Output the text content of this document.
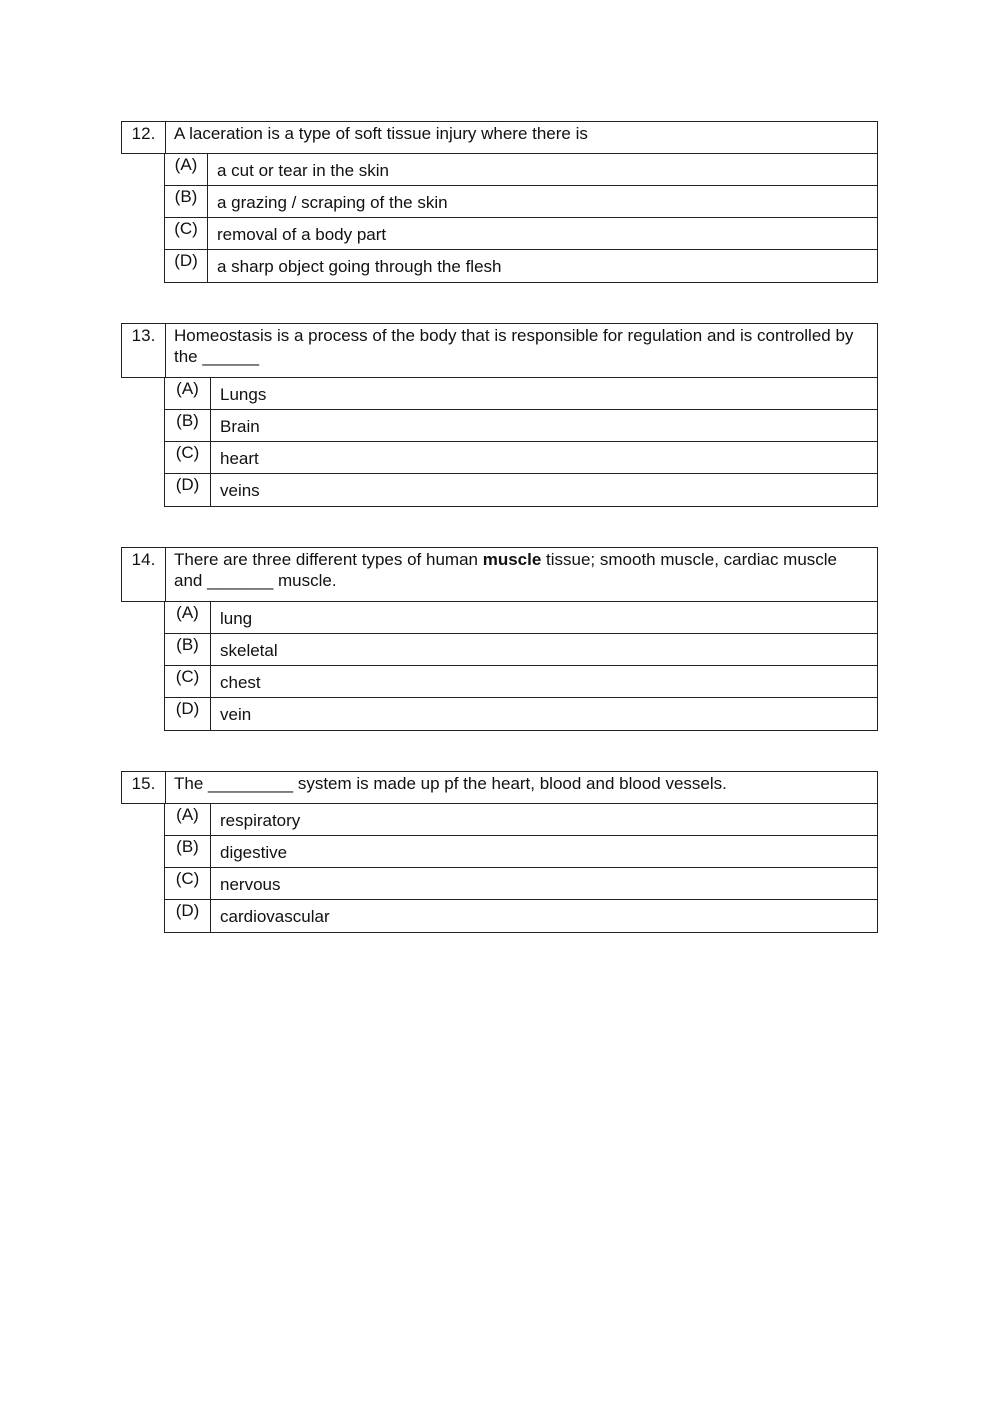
12.	A laceration is a type of soft tissue injury where there is
(A)	a cut or tear in the skin
(B)	a grazing / scraping of the skin
(C)	removal of a body part
(D)	a sharp object going through the flesh
13.	Homeostasis is a process of the body that is responsible for regulation and is controlled by the ______
(A)	Lungs
(B)	Brain
(C)	heart
(D)	veins
14.	There are three different types of human muscle tissue; smooth muscle, cardiac muscle and _______ muscle.
(A)	lung
(B)	skeletal
(C)	chest
(D)	vein
15.	The _________ system is made up pf the heart, blood and blood vessels.
(A)	respiratory
(B)	digestive
(C)	nervous
(D)	cardiovascular
